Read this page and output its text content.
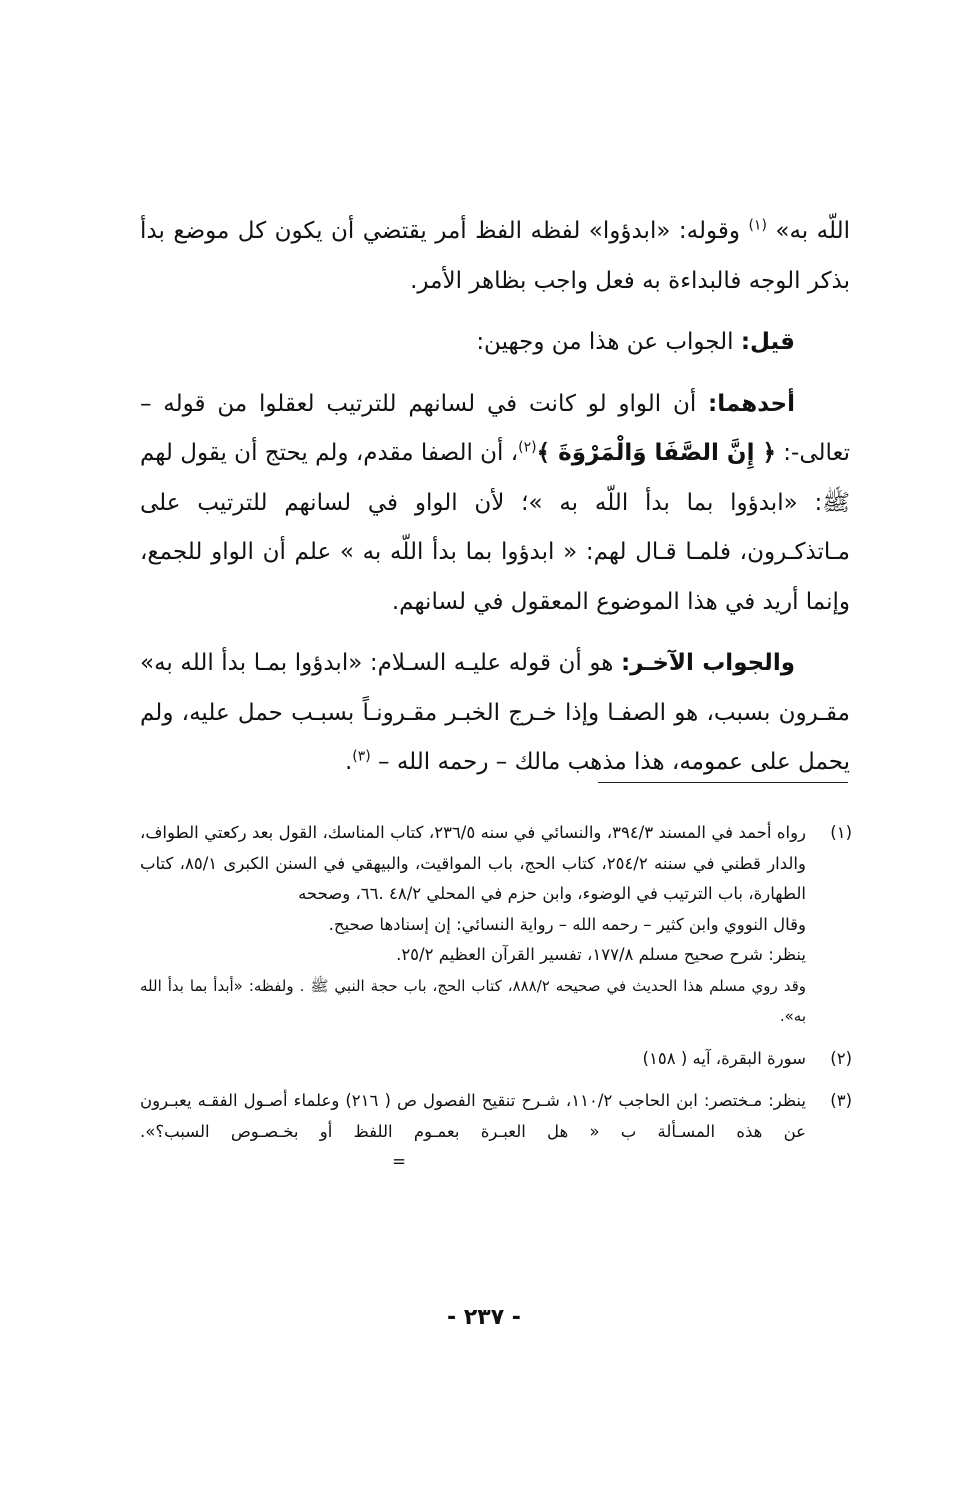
اللّه به» $^{(١)}$ وقوله: «ابدؤوا» لفظه الفظ أمر يقتضي أن يكون كل موضع بدأ بذكر الوجه فالبداءة به فعل واجب بظاهر الأمر.

قيل: الجواب عن هذا من وجهين:

أحدهما: أن الواو لو كانت في لسانهم للترتيب لعقلوا من قوله – تعالى-: ﴿ إِنَّ الصَّفَا وَالْمَرْوَةَ ﴾$^{(٢)}$، أن الصفا مقدم، ولم يحتج أن يقول لهم ﷺ: «ابدؤوا بما بدأ اللّه به »؛ لأن الواو في لسانهم للترتيب على مـاتذكـرون، فلمـا قـال لهم: « ابدؤوا بما بدأ اللّه به » علم أن الواو للجمع، وإنما أريد في هذا الموضوع المعقول في لسانهم.

والجواب الآخـر: هو أن قوله عليـه السـلام: «ابدؤوا بمـا بدأ الله به» مقـرون بسبب، هو الصفـا وإذا خـرج الخبـر مقـرونـاً بسبـب حمل عليه، ولم يحمل على عمومه، هذا مذهب مالك – رحمه الله – $^{(٣)}$.

(١)

رواه أحمد في المسند ٣٩٤/٣، والنسائي في سنه ٢٣٦/٥، كتاب المناسك، القول بعد ركعتي الطواف، والدار قطني في سننه ٢٥٤/٢، كتاب الحج، باب المواقيت، والبيهقي في السنن الكبرى ٨٥/١، كتاب الطهارة، باب الترتيب في الوضوء، وابن حزم في المحلي ٤٨/٢ .٦٦، وصححه

وقال النووي وابن كثير – رحمه الله – رواية النسائي: إن إسنادها صحيح.

ينظر: شرح صحيح مسلم ١٧٧/٨، تفسير القرآن العظيم ٢٥/٢.

وقد روي مسلم هذا الحديث في صحيحه ٨٨٨/٢، كتاب الحج، باب حجة النبي ﷺ . ولفظه: «أبدأ بما بدأ الله به».

(٢)

سورة البقرة، آيه ( ١٥٨)

(٣)

ينظر: مـختصر: ابن الحاجب ١١٠/٢، شـرح تنقيح الفصول ص ( ٢١٦) وعلماء أصـول الفقـه يعبـرون عن هذه المسـألة ب « هل العبـرة بعمـوم اللفظ أو بخـصـوص السبب؟». =

- ٢٣٧ -
